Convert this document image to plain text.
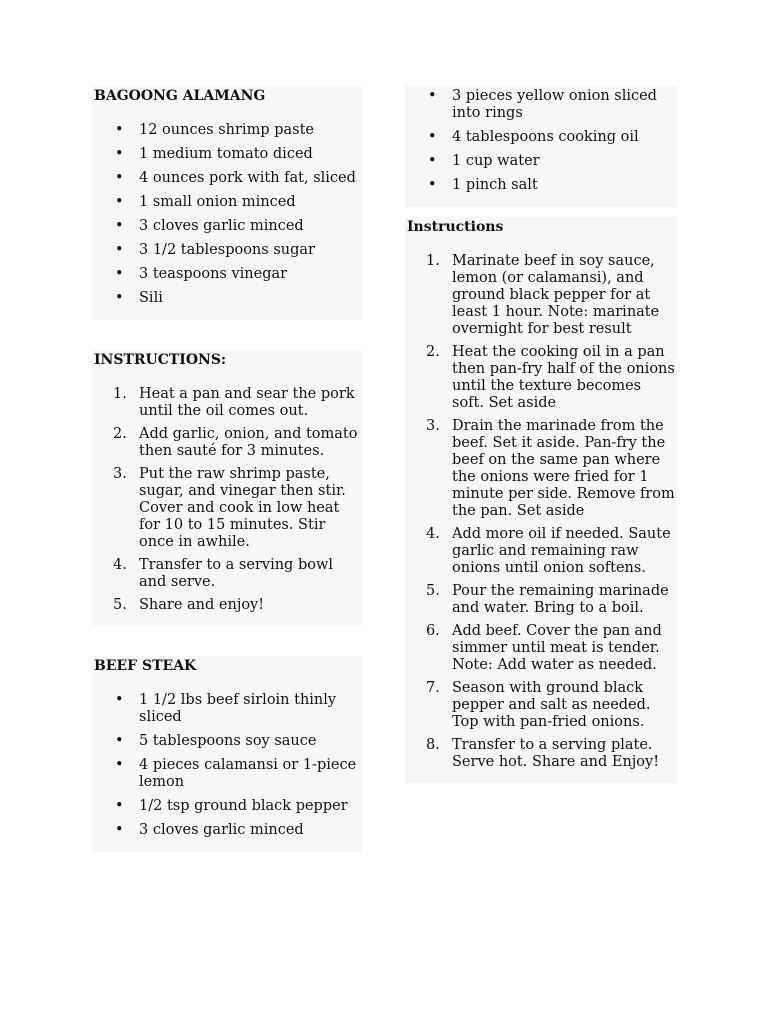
BAGOONG ALAMANG
• 12 ounces shrimp paste
• 1 medium tomato diced
• 4 ounces pork with fat, sliced
• 1 small onion minced
• 3 cloves garlic minced
• 3 1/2 tablespoons sugar
• 3 teaspoons vinegar
• Sili
INSTRUCTIONS:
1. Heat a pan and sear the pork until the oil comes out.
2. Add garlic, onion, and tomato then sauté for 3 minutes.
3. Put the raw shrimp paste, sugar, and vinegar then stir. Cover and cook in low heat for 10 to 15 minutes. Stir once in awhile.
4. Transfer to a serving bowl and serve.
5. Share and enjoy!
BEEF STEAK
• 1 1/2 lbs beef sirloin thinly sliced
• 5 tablespoons soy sauce
• 4 pieces calamansi or 1-piece lemon
• 1/2 tsp ground black pepper
• 3 cloves garlic minced
• 3 pieces yellow onion sliced into rings
• 4 tablespoons cooking oil
• 1 cup water
• 1 pinch salt
Instructions
1. Marinate beef in soy sauce, lemon (or calamansi), and ground black pepper for at least 1 hour. Note: marinate overnight for best result
2. Heat the cooking oil in a pan then pan-fry half of the onions until the texture becomes soft. Set aside
3. Drain the marinade from the beef. Set it aside. Pan-fry the beef on the same pan where the onions were fried for 1 minute per side. Remove from the pan. Set aside
4. Add more oil if needed. Saute garlic and remaining raw onions until onion softens.
5. Pour the remaining marinade and water. Bring to a boil.
6. Add beef. Cover the pan and simmer until meat is tender. Note: Add water as needed.
7. Season with ground black pepper and salt as needed. Top with pan-fried onions.
8. Transfer to a serving plate. Serve hot. Share and Enjoy!
